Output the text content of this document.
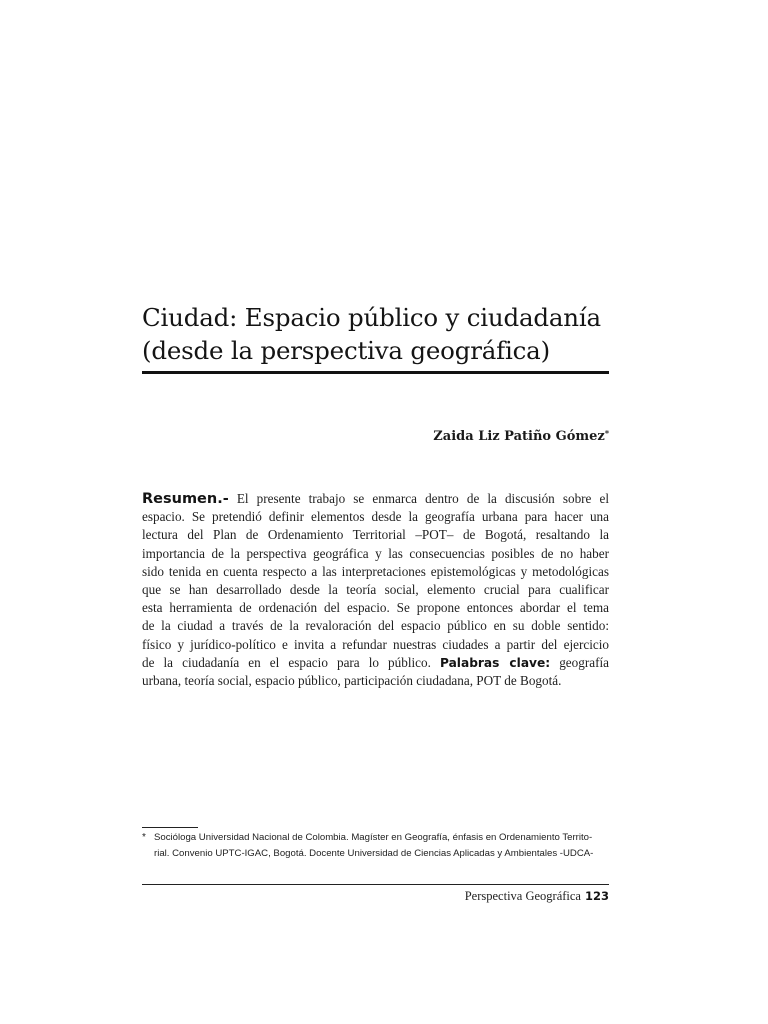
Ciudad: Espacio público y ciudadanía
(desde la perspectiva geográfica)
Zaida Liz Patiño Gómez*
Resumen.- El presente trabajo se enmarca dentro de la discusión sobre el
espacio. Se pretendió definir elementos desde la geografía urbana para hacer una
lectura del Plan de Ordenamiento Territorial –POT– de Bogotá, resaltando la
importancia de la perspectiva geográfica y las consecuencias posibles de no haber
sido tenida en cuenta respecto a las interpretaciones epistemológicas y metodológicas
que se han desarrollado desde la teoría social, elemento crucial para cualificar
esta herramienta de ordenación del espacio. Se propone entonces abordar el tema
de la ciudad a través de la revaloración del espacio público en su doble sentido:
físico y jurídico-político e invita a refundar nuestras ciudades a partir del ejercicio
de la ciudadanía en el espacio para lo público. Palabras clave: geografía
urbana, teoría social, espacio público, participación ciudadana, POT de Bogotá.
* Socióloga Universidad Nacional de Colombia. Magíster en Geografía, énfasis en Ordenamiento Territo-
rial. Convenio UPTC-IGAC, Bogotá. Docente Universidad de Ciencias Aplicadas y Ambientales -UDCA-
Perspectiva Geográfica 123
